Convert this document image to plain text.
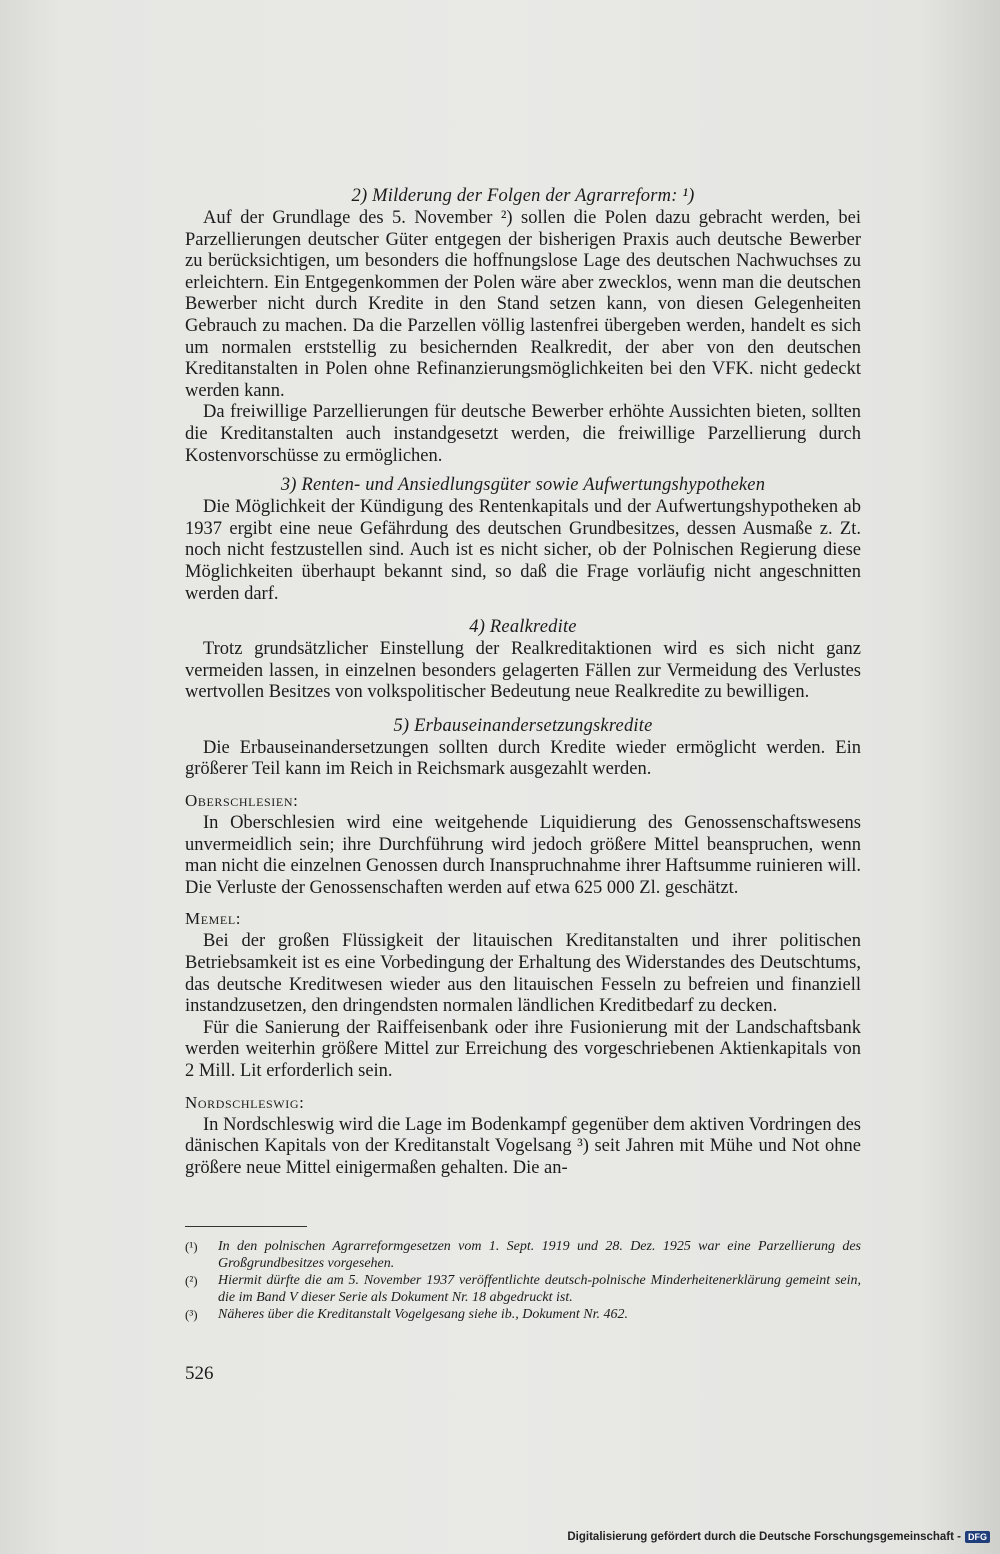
2) Milderung der Folgen der Agrarreform: ¹)

Auf der Grundlage des 5. November ²) sollen die Polen dazu gebracht werden, bei Parzellierungen deutscher Güter entgegen der bisherigen Praxis auch deutsche Bewerber zu berücksichtigen, um besonders die hoffnungslose Lage des deutschen Nachwuchses zu erleichtern. Ein Entgegenkommen der Polen wäre aber zwecklos, wenn man die deutschen Bewerber nicht durch Kredite in den Stand setzen kann, von diesen Gelegenheiten Gebrauch zu machen. Da die Parzellen völlig lastenfrei übergeben werden, handelt es sich um normalen erststellig zu besichernden Realkredit, der aber von den deutschen Kreditanstalten in Polen ohne Refinanzierungsmöglichkeiten bei den VFK. nicht gedeckt werden kann.

Da freiwillige Parzellierungen für deutsche Bewerber erhöhte Aussichten bieten, sollten die Kreditanstalten auch instandgesetzt werden, die freiwillige Parzellierung durch Kostenvorschüsse zu ermöglichen.

3) Renten- und Ansiedlungsgüter sowie Aufwertungshypotheken

Die Möglichkeit der Kündigung des Rentenkapitals und der Aufwertungshypotheken ab 1937 ergibt eine neue Gefährdung des deutschen Grundbesitzes, dessen Ausmaße z. Zt. noch nicht festzustellen sind. Auch ist es nicht sicher, ob der Polnischen Regierung diese Möglichkeiten überhaupt bekannt sind, so daß die Frage vorläufig nicht angeschnitten werden darf.

4) Realkredite

Trotz grundsätzlicher Einstellung der Realkreditaktionen wird es sich nicht ganz vermeiden lassen, in einzelnen besonders gelagerten Fällen zur Vermeidung des Verlustes wertvollen Besitzes von volkspolitischer Bedeutung neue Realkredite zu bewilligen.

5) Erbauseinandersetzungskredite

Die Erbauseinandersetzungen sollten durch Kredite wieder ermöglicht werden. Ein größerer Teil kann im Reich in Reichsmark ausgezahlt werden.

Oberschlesien:

In Oberschlesien wird eine weitgehende Liquidierung des Genossenschaftswesens unvermeidlich sein; ihre Durchführung wird jedoch größere Mittel beanspruchen, wenn man nicht die einzelnen Genossen durch Inanspruchnahme ihrer Haftsumme ruinieren will. Die Verluste der Genossenschaften werden auf etwa 625 000 Zl. geschätzt.

Memel:

Bei der großen Flüssigkeit der litauischen Kreditanstalten und ihrer politischen Betriebsamkeit ist es eine Vorbedingung der Erhaltung des Widerstandes des Deutschtums, das deutsche Kreditwesen wieder aus den litauischen Fesseln zu befreien und finanziell instandzusetzen, den dringendsten normalen ländlichen Kreditbedarf zu decken.

Für die Sanierung der Raiffeisenbank oder ihre Fusionierung mit der Landschaftsbank werden weiterhin größere Mittel zur Erreichung des vorgeschriebenen Aktienkapitals von 2 Mill. Lit erforderlich sein.

Nordschleswig:

In Nordschleswig wird die Lage im Bodenkampf gegenüber dem aktiven Vordringen des dänischen Kapitals von der Kreditanstalt Vogelsang ³) seit Jahren mit Mühe und Not ohne größere neue Mittel einigermaßen gehalten. Die an-

(¹) In den polnischen Agrarreformgesetzen vom 1. Sept. 1919 und 28. Dez. 1925 war eine Parzellierung des Großgrundbesitzes vorgesehen.
(²) Hiermit dürfte die am 5. November 1937 veröffentlichte deutsch-polnische Minderheitenerklärung gemeint sein, die im Band V dieser Serie als Dokument Nr. 18 abgedruckt ist.
(³) Näheres über die Kreditanstalt Vogelgesang siehe ib., Dokument Nr. 462.
526
Digitalisierung gefördert durch die Deutsche Forschungsgemeinschaft - DFG
